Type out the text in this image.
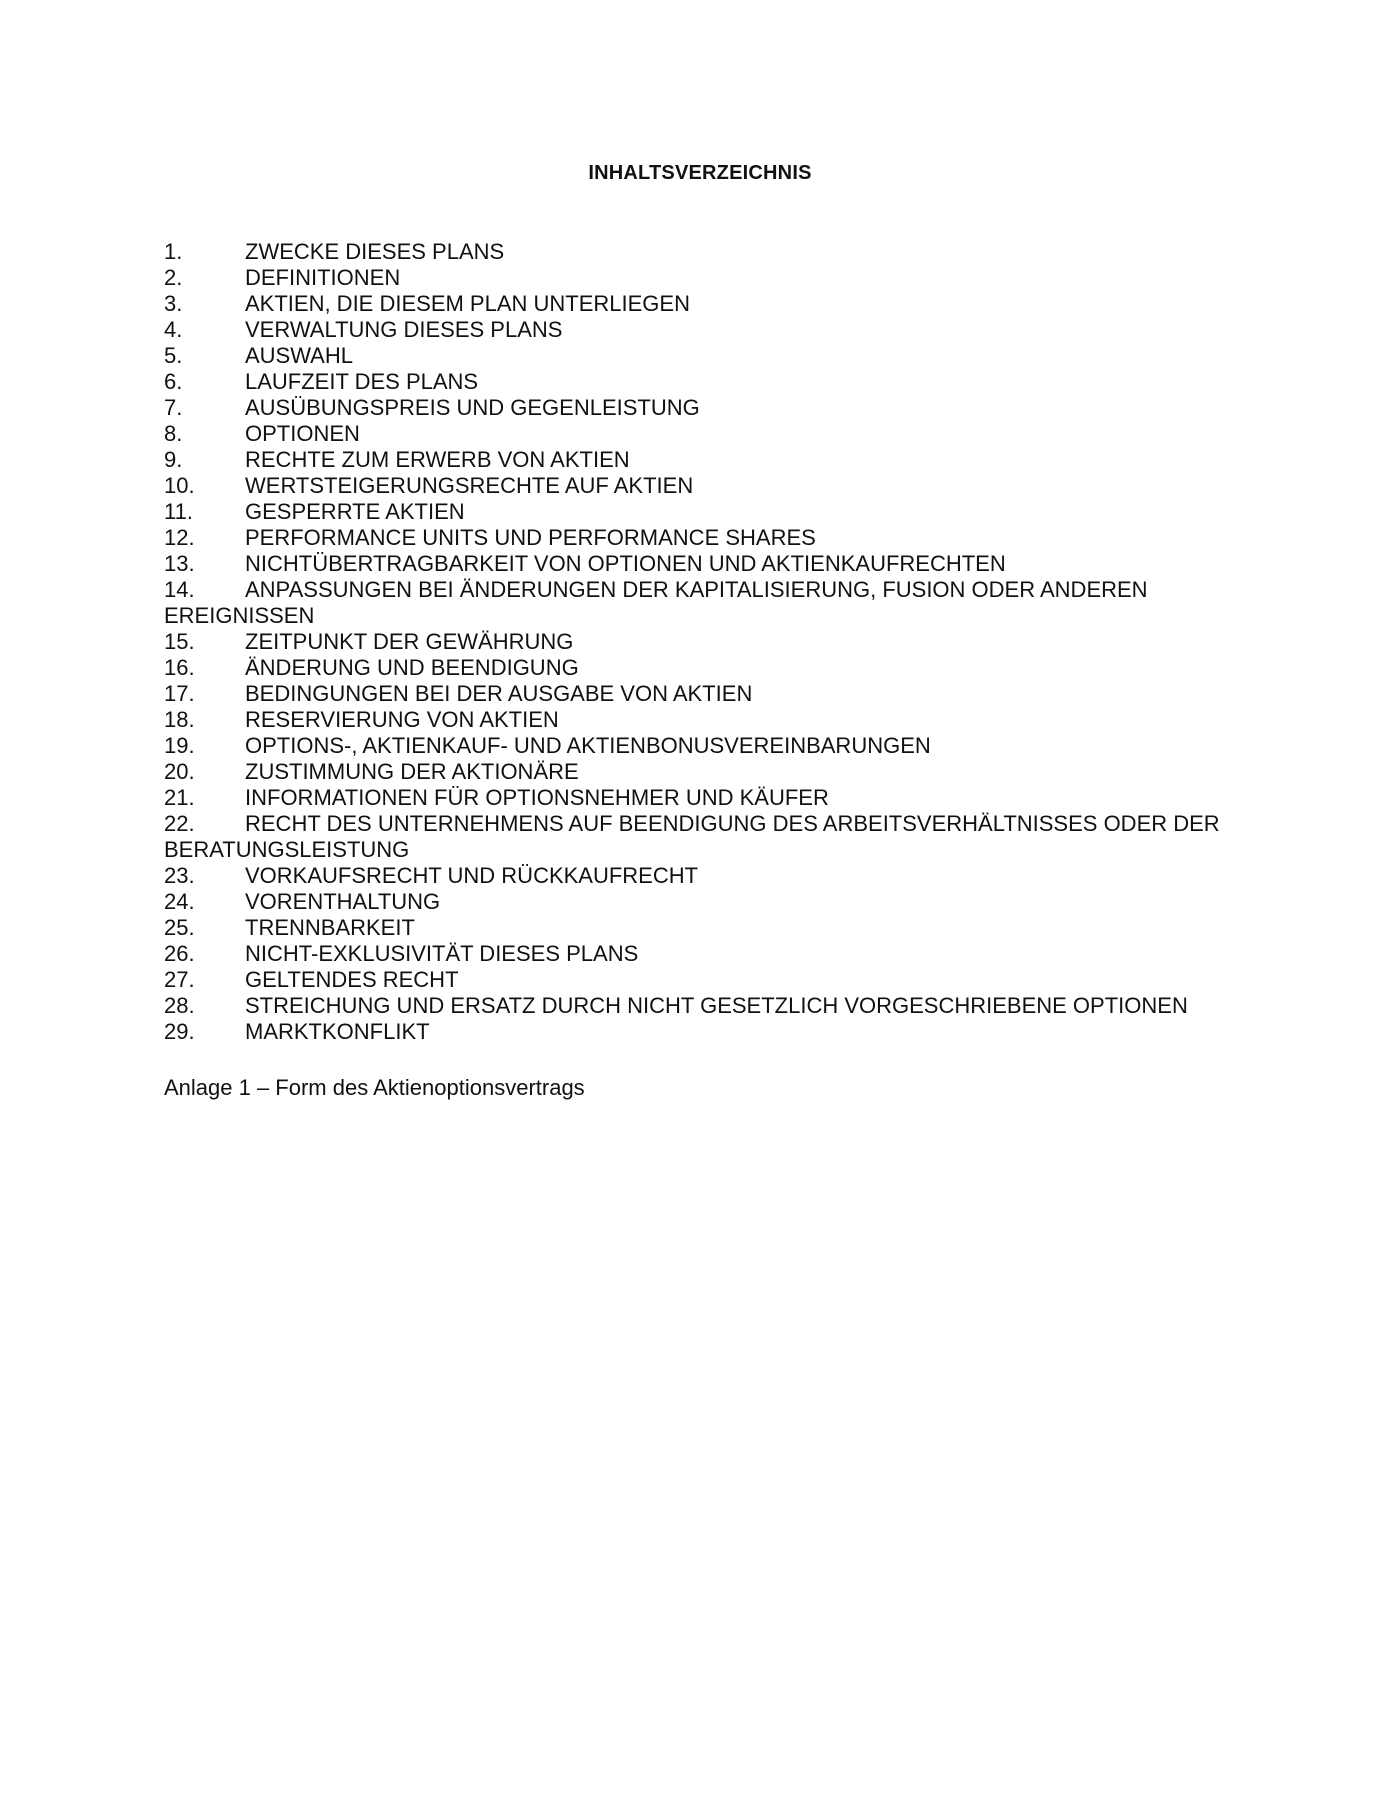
INHALTSVERZEICHNIS
1.	ZWECKE DIESES PLANS
2.	DEFINITIONEN
3.	AKTIEN, DIE DIESEM PLAN UNTERLIEGEN
4.	VERWALTUNG DIESES PLANS
5.	AUSWAHL
6.	LAUFZEIT DES PLANS
7.	AUSÜBUNGSPREIS UND GEGENLEISTUNG
8.	OPTIONEN
9.	RECHTE ZUM ERWERB VON AKTIEN
10. WERTSTEIGERUNGSRECHTE AUF AKTIEN
11. GESPERRTE AKTIEN
12. PERFORMANCE UNITS UND PERFORMANCE SHARES
13. NICHTÜBERTRAGBARKEIT VON OPTIONEN UND AKTIENKAUFRECHTEN
14. ANPASSUNGEN BEI ÄNDERUNGEN DER KAPITALISIERUNG, FUSION ODER ANDEREN EREIGNISSEN
15. ZEITPUNKT DER GEWÄHRUNG
16. ÄNDERUNG UND BEENDIGUNG
17. BEDINGUNGEN BEI DER AUSGABE VON AKTIEN
18. RESERVIERUNG VON AKTIEN
19. OPTIONS-, AKTIENKAUF- UND AKTIENBONUSVEREINBARUNGEN
20. ZUSTIMMUNG DER AKTIONÄRE
21. INFORMATIONEN FÜR OPTIONSNEHMER UND KÄUFER
22. RECHT DES UNTERNEHMENS AUF BEENDIGUNG DES ARBEITSVERHÄLTNISSES ODER DER BERATUNGSLEISTUNG
23. VORKAUFSRECHT UND RÜCKKAUFRECHT
24. VORENTHALTUNG
25. TRENNBARKEIT
26. NICHT-EXKLUSIVITÄT DIESES PLANS
27. GELTENDES RECHT
28. STREICHUNG UND ERSATZ DURCH NICHT GESETZLICH VORGESCHRIEBENE OPTIONEN
29. MARKTKONFLIKT
Anlage 1 – Form des Aktienoptionsvertrags
